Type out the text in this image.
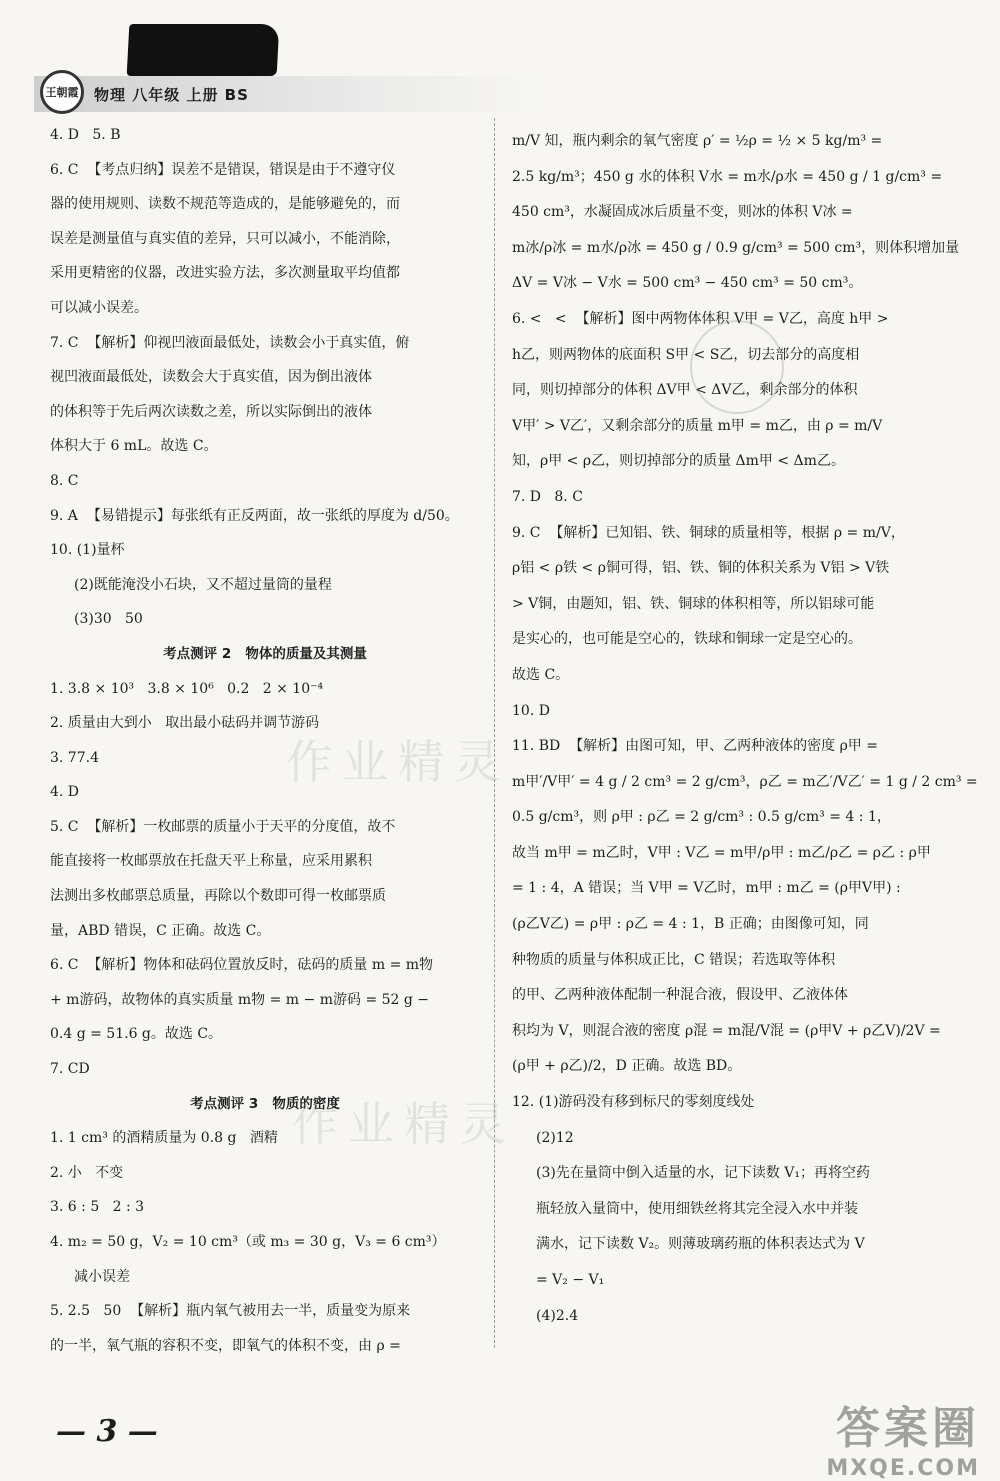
王朝霞 物理 八年级 上册 BS
4. D   5. B
6. C  【考点归纳】误差不是错误，错误是由于不遵守仪
器的使用规则、读数不规范等造成的，是能够避免的，而
误差是测量值与真实值的差异，只可以减小，不能消除，
采用更精密的仪器，改进实验方法，多次测量取平均值都
可以减小误差。
7. C  【解析】仰视凹液面最低处，读数会小于真实值，俯
视凹液面最低处，读数会大于真实值，因为倒出液体
的体积等于先后两次读数之差，所以实际倒出的液体
体积大于 6 mL。故选 C。
8. C
9. A  【易错提示】每张纸有正反两面，故一张纸的厚度为 d/50。
10. (1)量杯
(2)既能淹没小石块，又不超过量筒的量程
(3)30   50
考点测评 2   物体的质量及其测量
1. 3.8 × 10³   3.8 × 10⁶   0.2   2 × 10⁻⁴
2. 质量由大到小   取出最小砝码并调节游码
3. 77.4
4. D
5. C  【解析】一枚邮票的质量小于天平的分度值，故不
能直接将一枚邮票放在托盘天平上称量，应采用累积
法测出多枚邮票总质量，再除以个数即可得一枚邮票质
量，ABD 错误，C 正确。故选 C。
6. C  【解析】物体和砝码位置放反时，砝码的质量 m = m物
+ m游码，故物体的真实质量 m物 = m − m游码 = 52 g −
0.4 g = 51.6 g。故选 C。
7. CD
考点测评 3   物质的密度
1. 1 cm³ 的酒精质量为 0.8 g   酒精
2. 小   不变
3. 6 : 5   2 : 3
4. m₂ = 50 g，V₂ = 10 cm³（或 m₃ = 30 g，V₃ = 6 cm³）
减小误差
5. 2.5   50  【解析】瓶内氧气被用去一半，质量变为原来
的一半，氧气瓶的容积不变，即氧气的体积不变，由 ρ =
m/V 知，瓶内剩余的氧气密度 ρ′ = ½ρ = ½ × 5 kg/m³ =
2.5 kg/m³；450 g 水的体积 V水 = m水/ρ水 = 450 g / 1 g/cm³ =
450 cm³，水凝固成冰后质量不变，则冰的体积 V冰 =
m冰/ρ冰 = m水/ρ冰 = 450 g / 0.9 g/cm³ = 500 cm³，则体积增加量
ΔV = V冰 − V水 = 500 cm³ − 450 cm³ = 50 cm³。
6. <   <  【解析】图中两物体体积 V甲 = V乙，高度 h甲 >
h乙，则两物体的底面积 S甲 < S乙，切去部分的高度相
同，则切掉部分的体积 ΔV甲 < ΔV乙，剩余部分的体积
V甲′ > V乙′，又剩余部分的质量 m甲 = m乙，由 ρ = m/V
知，ρ甲 < ρ乙，则切掉部分的质量 Δm甲 < Δm乙。
7. D   8. C
9. C  【解析】已知铝、铁、铜球的质量相等，根据 ρ = m/V，
ρ铝 < ρ铁 < ρ铜可得，铝、铁、铜的体积关系为 V铝 > V铁
> V铜，由题知，铝、铁、铜球的体积相等，所以铝球可能
是实心的，也可能是空心的，铁球和铜球一定是空心的。
故选 C。
10. D
11. BD  【解析】由图可知，甲、乙两种液体的密度 ρ甲 =
m甲′/V甲′ = 4 g / 2 cm³ = 2 g/cm³，ρ乙 = m乙′/V乙′ = 1 g / 2 cm³ =
0.5 g/cm³，则 ρ甲 : ρ乙 = 2 g/cm³ : 0.5 g/cm³ = 4 : 1，
故当 m甲 = m乙时，V甲 : V乙 = m甲/ρ甲 : m乙/ρ乙 = ρ乙 : ρ甲
= 1 : 4，A 错误；当 V甲 = V乙时，m甲 : m乙 = (ρ甲V甲) :
(ρ乙V乙) = ρ甲 : ρ乙 = 4 : 1，B 正确；由图像可知，同
种物质的质量与体积成正比，C 错误；若选取等体积
的甲、乙两种液体配制一种混合液，假设甲、乙液体体
积均为 V，则混合液的密度 ρ混 = m混/V混 = (ρ甲V + ρ乙V)/2V =
(ρ甲 + ρ乙)/2，D 正确。故选 BD。
12. (1)游码没有移到标尺的零刻度线处
(2)12
(3)先在量筒中倒入适量的水，记下读数 V₁；再将空药
瓶轻放入量筒中，使用细铁丝将其完全浸入水中并装
满水，记下读数 V₂。则薄玻璃药瓶的体积表达式为 V
= V₂ − V₁
(4)2.4
作业精灵
作业精灵
— 3 —	答案圈
MXQE.COM
